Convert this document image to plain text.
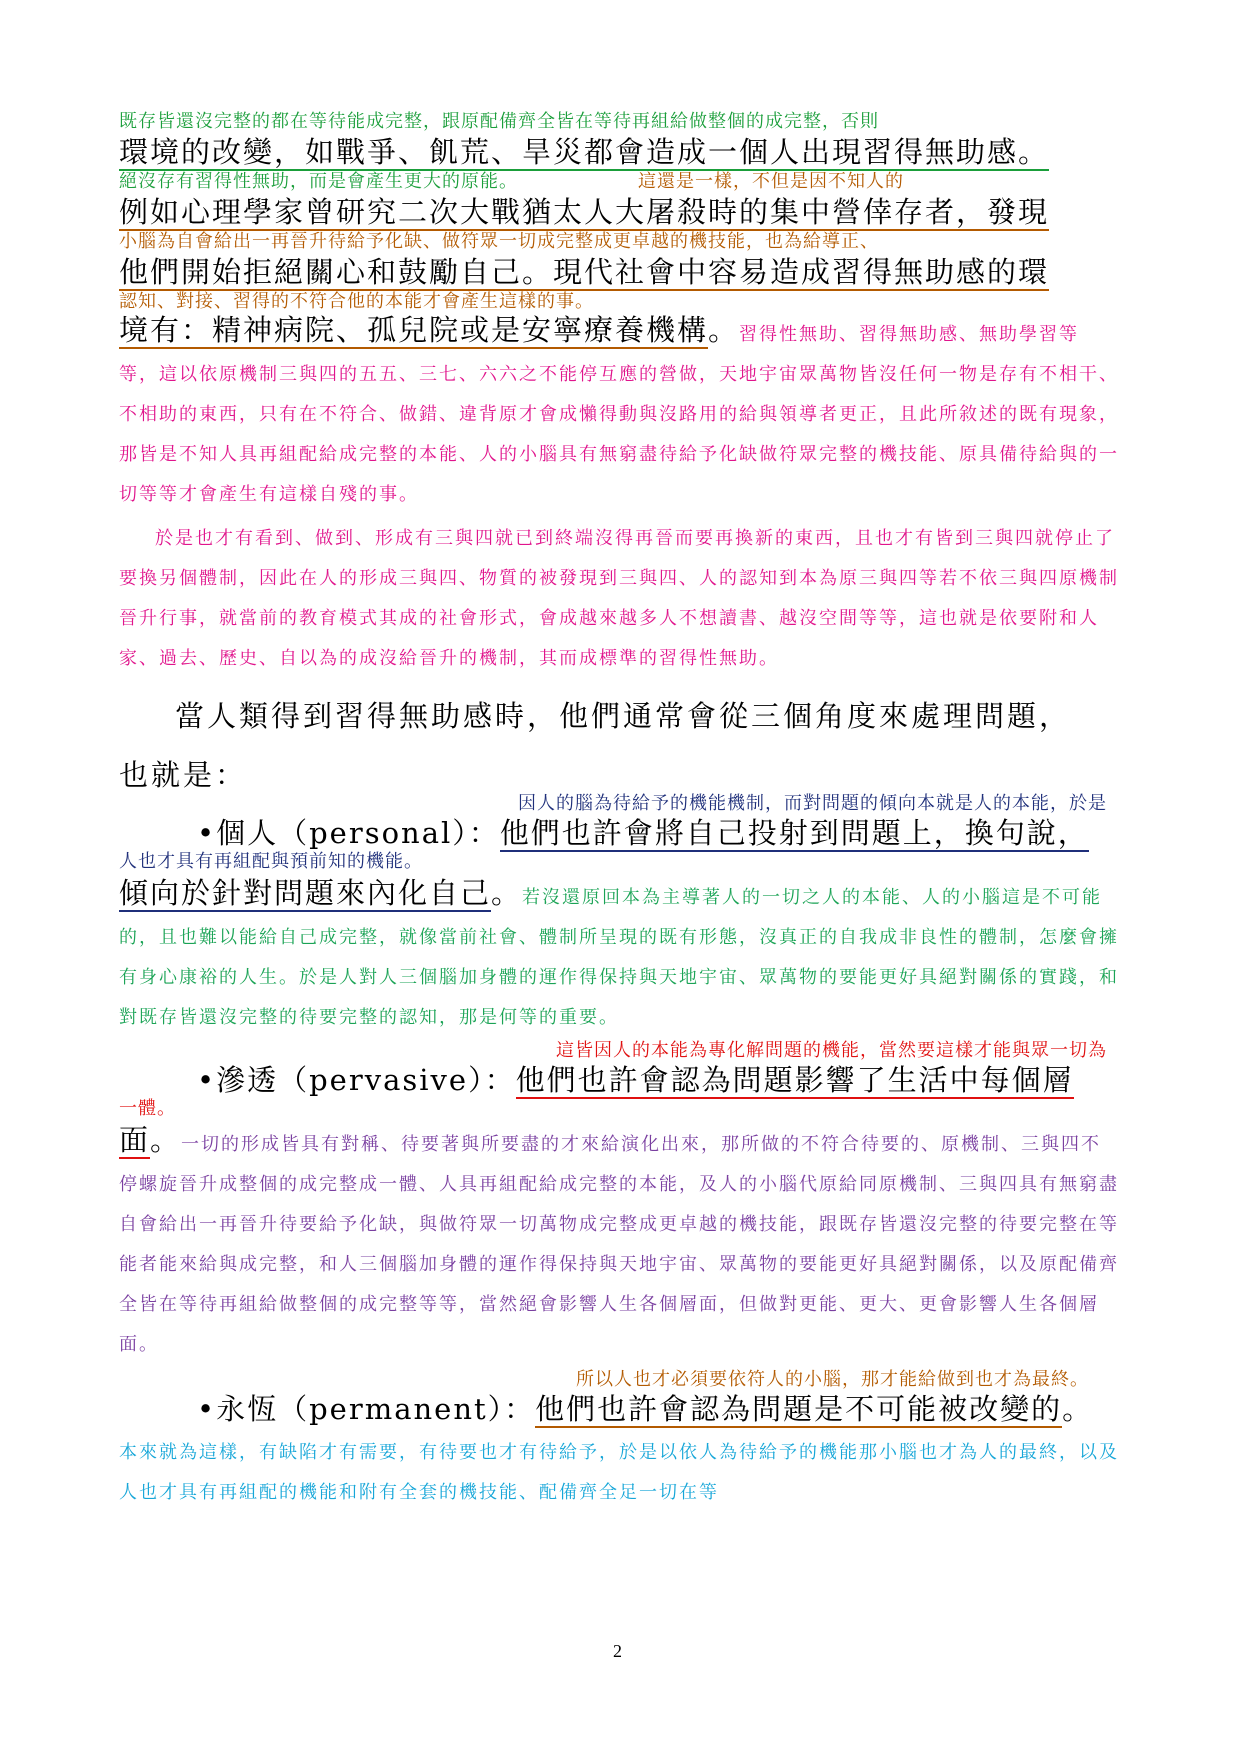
既存皆還沒完整的都在等待能成完整，跟原配備齊全皆在等待再組給做整個的成完整，否則
環境的改變，如戰爭、飢荒、旱災都會造成一個人出現習得無助感。
絕沒存有習得性無助，而是會產生更大的原能。	這還是一樣，不但是因不知人的
例如心理學家曾研究二次大戰猶太人大屠殺時的集中營倖存者，發現
小腦為自會給出一再晉升待給予化缺、做符眾一切成完整成更卓越的機技能，也為給導正、
他們開始拒絕關心和鼓勵自己。現代社會中容易造成習得無助感的環
認知、對接、習得的不符合他的本能才會產生這樣的事。
境有：精神病院、孤兒院或是安寧療養機構。習得性無助、習得無助感、無助學習等等，這以依原機制三與四的五五、三七、六六之不能停互應的營做，天地宇宙眾萬物皆沒任何一物是存有不相干、不相助的東西，只有在不符合、做錯、違背原才會成懶得動與沒路用的給與領導者更正，且此所敘述的既有現象，那皆是不知人具再組配給成完整的本能、人的小腦具有無窮盡待給予化缺做符眾完整的機技能、原具備待給與的一切等等才會產生有這樣自殘的事。
於是也才有看到、做到、形成有三與四就已到終端沒得再晉而要再換新的東西，且也才有皆到三與四就停止了要換另個體制，因此在人的形成三與四、物質的被發現到三與四、人的認知到本為原三與四等若不依三與四原機制晉升行事，就當前的教育模式其成的社會形式，會成越來越多人不想讀書、越沒空間等等，這也就是依要附和人家、過去、歷史、自以為的成沒給晉升的機制，其而成標準的習得性無助。
當人類得到習得無助感時，他們通常會從三個角度來處理問題，
也就是：
因人的腦為待給予的機能機制，而對問題的傾向本就是人的本能，於是
•個人（personal）：他們也許會將自己投射到問題上，換句說，
人也才具有再組配與預前知的機能。
傾向於針對問題來內化自己。若沒還原回本為主導著人的一切之人的本能、人的小腦這是不可能的，且也難以能給自己成完整，就像當前社會、體制所呈現的既有形態，沒真正的自我成非良性的體制，怎麼會擁有身心康裕的人生。於是人對人三個腦加身體的運作得保持與天地宇宙、眾萬物的要能更好具絕對關係的實踐，和對既存皆還沒完整的待要完整的認知，那是何等的重要。
這皆因人的本能為專化解問題的機能，當然要這樣才能與眾一切為
•滲透（pervasive）：他們也許會認為問題影響了生活中每個層
一體。
面。一切的形成皆具有對稱、待要著與所要盡的才來給演化出來，那所做的不符合待要的、原機制、三與四不停螺旋晉升成整個的成完整成一體、人具再組配給成完整的本能，及人的小腦代原給同原機制、三與四具有無窮盡自會給出一再晉升待要給予化缺，與做符眾一切萬物成完整成更卓越的機技能，跟既存皆還沒完整的待要完整在等能者能來給與成完整，和人三個腦加身體的運作得保持與天地宇宙、眾萬物的要能更好具絕對關係，以及原配備齊全皆在等待再組給做整個的成完整等等，當然絕會影響人生各個層面，但做對更能、更大、更會影響人生各個層面。
所以人也才必須要依符人的小腦，那才能給做到也才為最終。
•永恆（permanent）：他們也許會認為問題是不可能被改變的。
本來就為這樣，有缺陷才有需要，有待要也才有待給予，於是以依人為待給予的機能那小腦也才為人的最終，以及人也才具有再組配的機能和附有全套的機技能、配備齊全足一切在等
2
